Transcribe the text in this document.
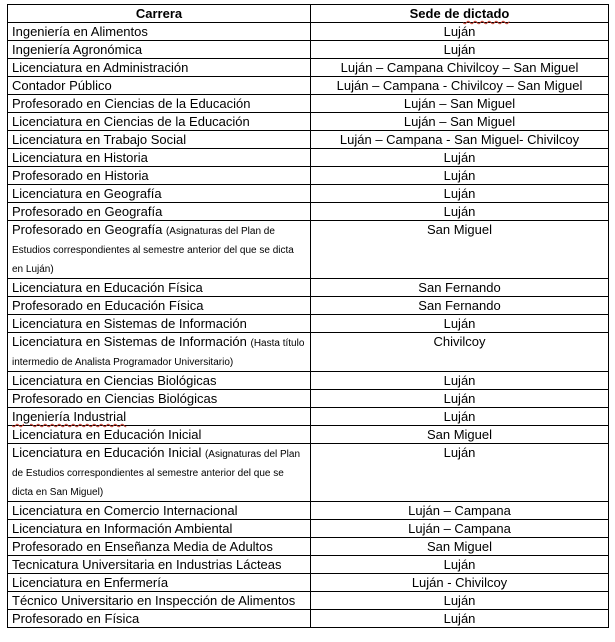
Carrera	Sede de dictado
Ingeniería en Alimentos	Luján
Ingeniería Agronómica	Luján
Licenciatura en Administración	Luján – Campana Chivilcoy – San Miguel
Contador Público	Luján – Campana - Chivilcoy – San Miguel
Profesorado en Ciencias de la Educación	Luján – San Miguel
Licenciatura en Ciencias de la Educación	Luján – San Miguel
Licenciatura en Trabajo Social	Luján – Campana - San Miguel- Chivilcoy
Licenciatura en Historia	Luján
Profesorado en Historia	Luján
Licenciatura en Geografía	Luján
Profesorado en Geografía	Luján
Profesorado en Geografía (Asignaturas del Plan de Estudios correspondientes al semestre anterior del que se dicta en Luján)	San Miguel
Licenciatura en Educación Física	San Fernando
Profesorado en Educación Física	San Fernando
Licenciatura en Sistemas de Información	Luján
Licenciatura en Sistemas de Información (Hasta título intermedio de Analista Programador Universitario)	Chivilcoy
Licenciatura en Ciencias Biológicas	Luján
Profesorado en Ciencias Biológicas	Luján
Ingeniería Industrial	Luján
Licenciatura en Educación Inicial	San Miguel
Licenciatura en Educación Inicial (Asignaturas del Plan de Estudios correspondientes al semestre anterior del que se dicta en San Miguel)	Luján
Licenciatura en Comercio Internacional	Luján – Campana
Licenciatura en Información Ambiental	Luján – Campana
Profesorado en Enseñanza Media de Adultos	San Miguel
Tecnicatura Universitaria en Industrias Lácteas	Luján
Licenciatura en Enfermería	Luján - Chivilcoy
Técnico Universitario en Inspección de Alimentos	Luján
Profesorado en Física	Luján
